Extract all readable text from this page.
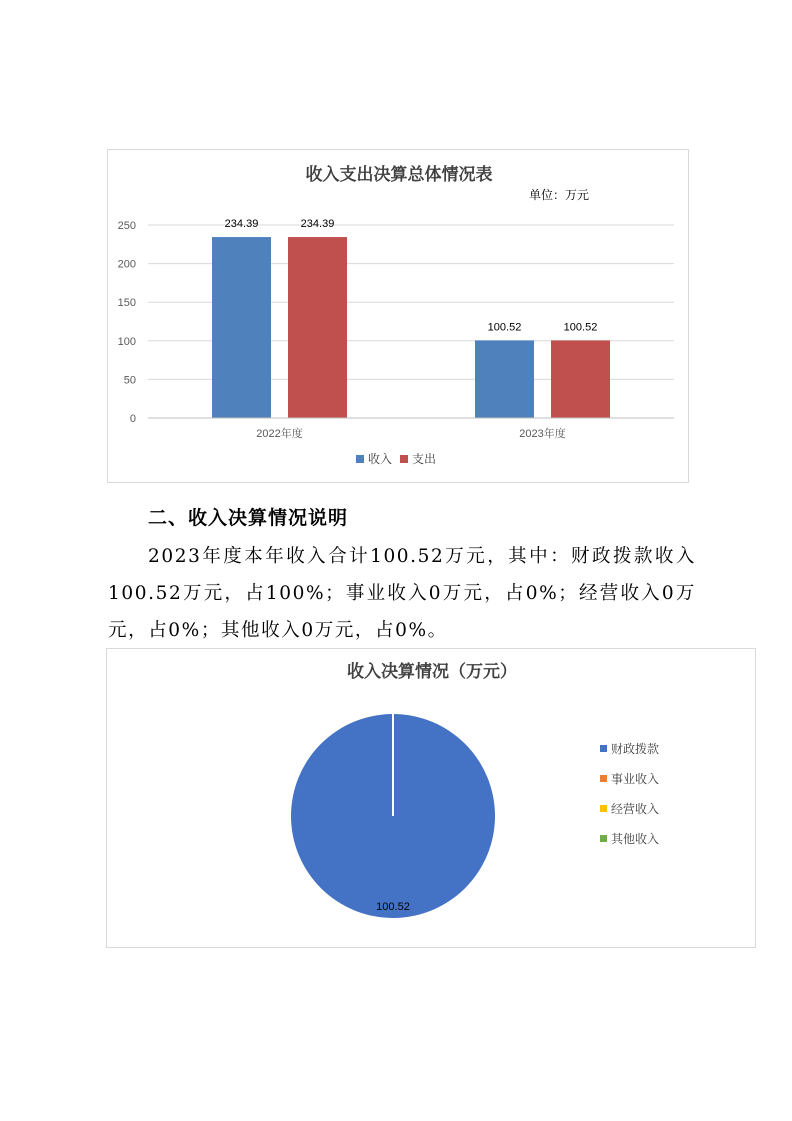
收入支出决算总体情况表
单位：万元
0
50
100
150
200
250	234.39	234.39
100.52	100.52
2022年度	2023年度
收入 支出
二、收入决算情况说明

2023年度本年收入合计100.52万元，其中：财政拨款收入100.52万元，占100%；事业收入0万元，占0%；经营收入0万元，占0%；其他收入0万元，占0%。

收入决算情况（万元）
100.52
财政拨款
事业收入
经营收入
其他收入
